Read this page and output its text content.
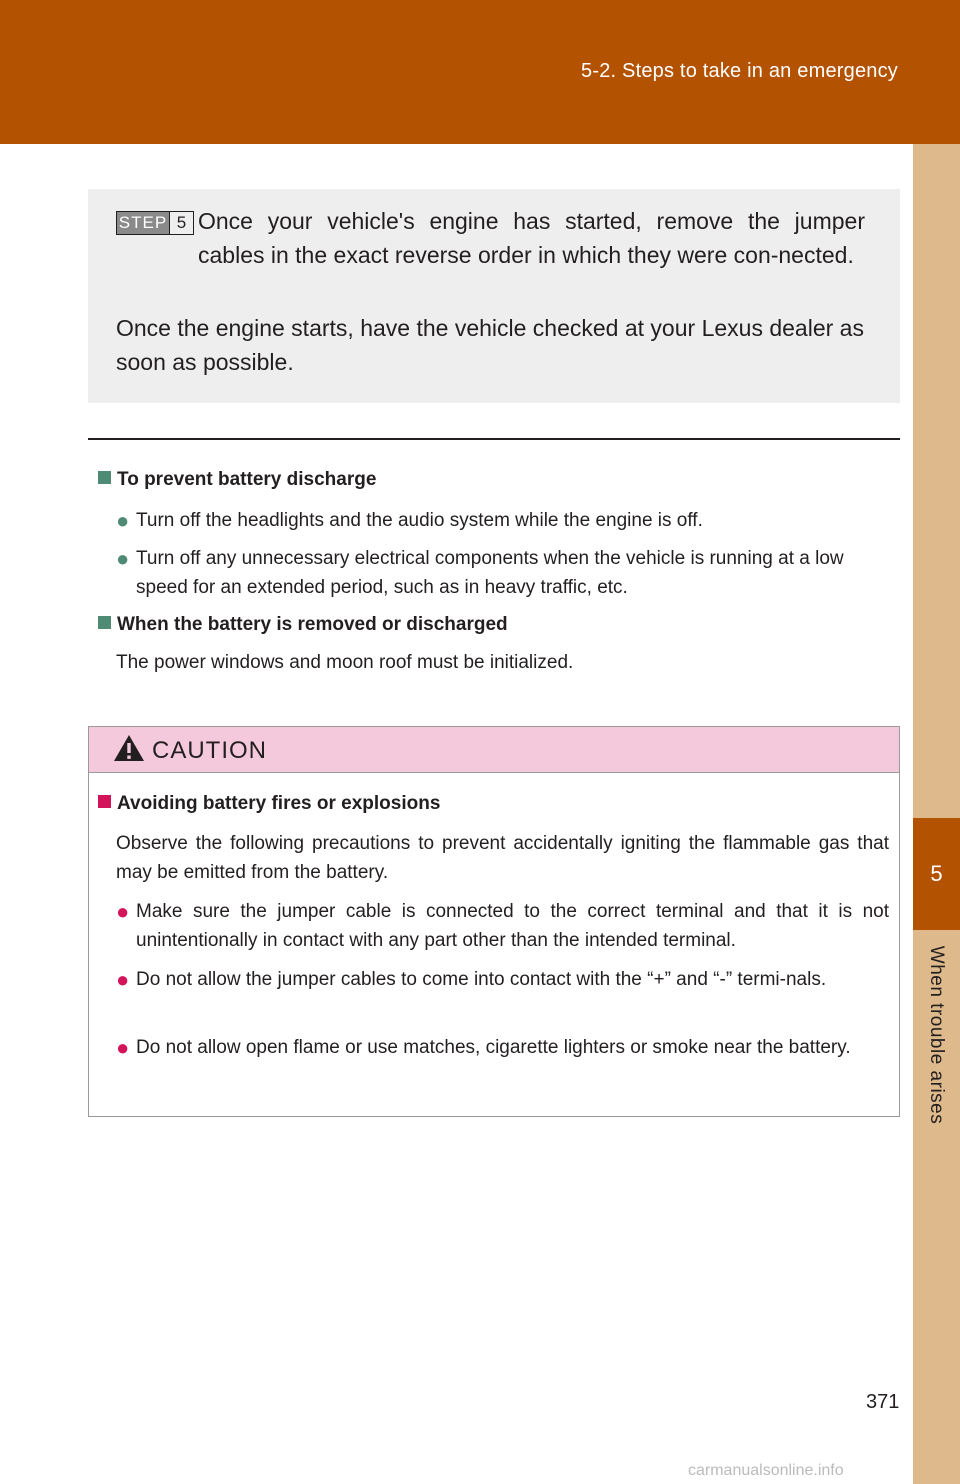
5-2. Steps to take in an emergency
5
When trouble arises
STEP 5 Once your vehicle's engine has started, remove the jumper cables in the exact reverse order in which they were con-nected.
Once the engine starts, have the vehicle checked at your Lexus dealer as soon as possible.
To prevent battery discharge
● Turn off the headlights and the audio system while the engine is off.
● Turn off any unnecessary electrical components when the vehicle is running at a low speed for an extended period, such as in heavy traffic, etc.
When the battery is removed or discharged
The power windows and moon roof must be initialized.
CAUTION
Avoiding battery fires or explosions
Observe the following precautions to prevent accidentally igniting the flammable gas that may be emitted from the battery.
● Make sure the jumper cable is connected to the correct terminal and that it is not unintentionally in contact with any part other than the intended terminal.
● Do not allow the jumper cables to come into contact with the “+” and “-” termi-nals.
● Do not allow open flame or use matches, cigarette lighters or smoke near the battery.
371
carmanualsonline.info
